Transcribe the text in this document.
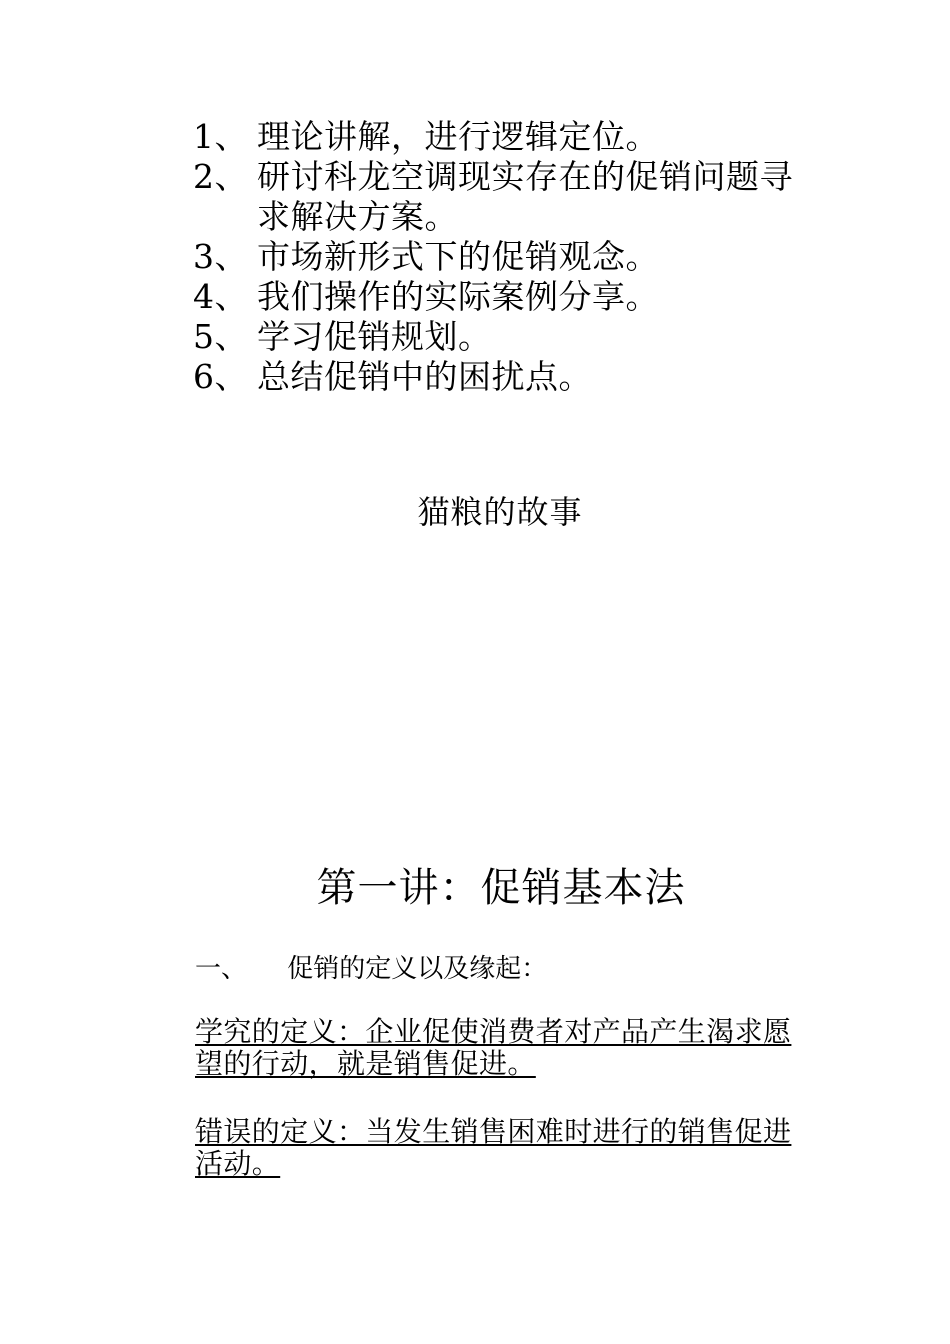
1、 理论讲解，进行逻辑定位。
2、 研讨科龙空调现实存在的促销问题寻求解决方案。
3、 市场新形式下的促销观念。
4、 我们操作的实际案例分享。
5、 学习促销规划。
6、 总结促销中的困扰点。
猫粮的故事
第一讲：促销基本法
一、 促销的定义以及缘起：

学究的定义：企业促使消费者对产品产生渴求愿望的行动，就是销售促进。

错误的定义：当发生销售困难时进行的销售促进活动。
